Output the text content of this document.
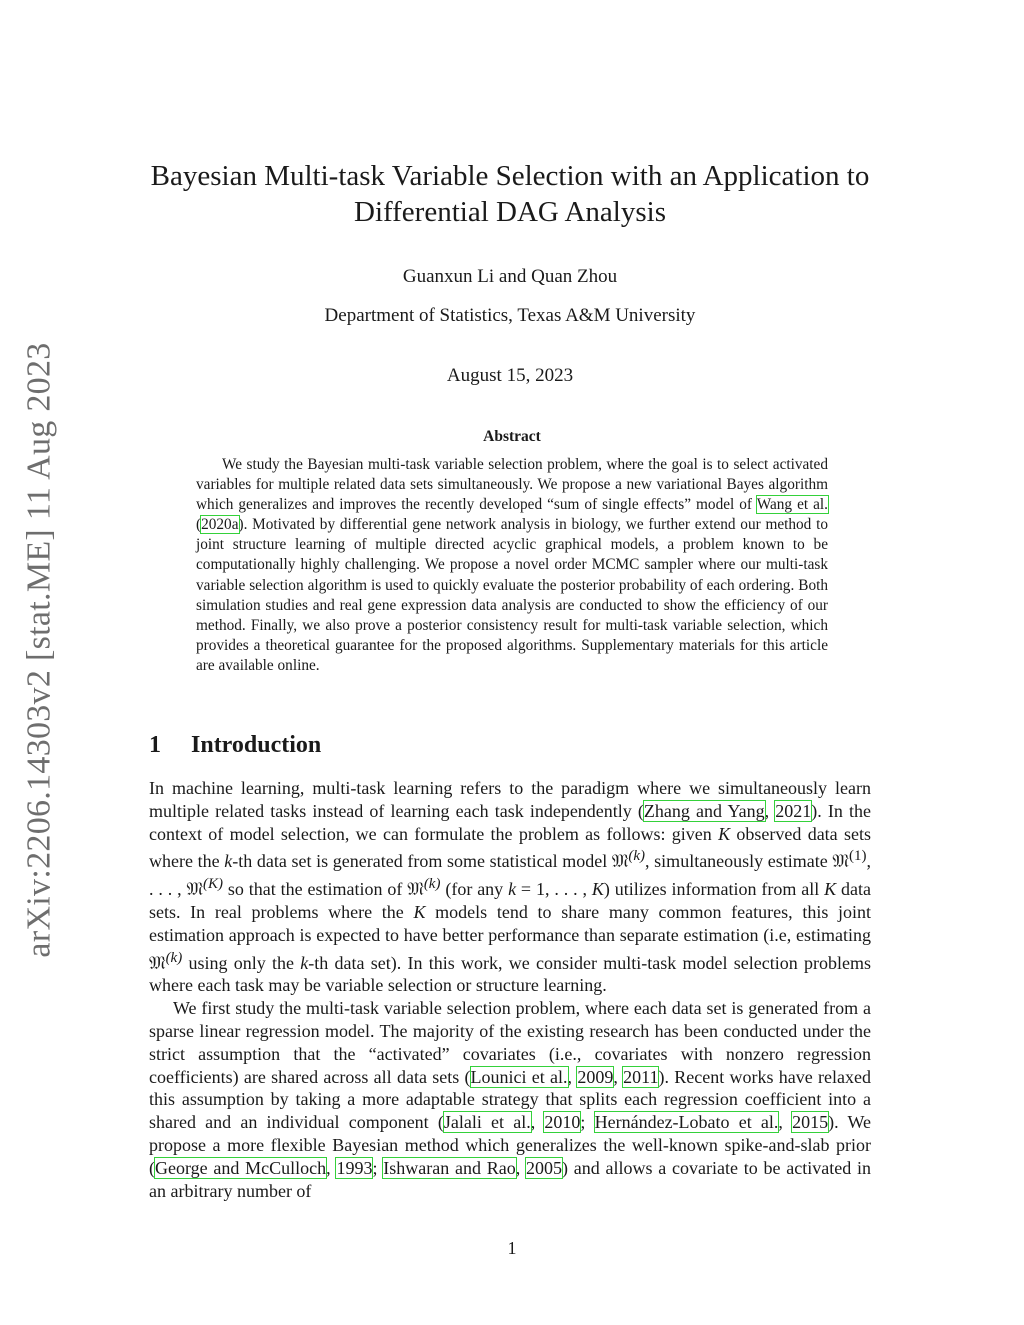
arXiv:2206.14303v2 [stat.ME] 11 Aug 2023
Bayesian Multi-task Variable Selection with an Application to Differential DAG Analysis
Guanxun Li and Quan Zhou
Department of Statistics, Texas A&M University
August 15, 2023
Abstract

We study the Bayesian multi-task variable selection problem, where the goal is to select activated variables for multiple related data sets simultaneously. We propose a new variational Bayes algorithm which generalizes and improves the recently developed “sum of single effects” model of Wang et al. (2020a). Motivated by differential gene network analysis in biology, we further extend our method to joint structure learning of multiple directed acyclic graphical models, a problem known to be computationally highly challenging. We propose a novel order MCMC sampler where our multi-task variable selection algorithm is used to quickly evaluate the posterior probability of each ordering. Both simulation studies and real gene expression data analysis are conducted to show the efficiency of our method. Finally, we also prove a posterior consistency result for multi-task variable selection, which provides a theoretical guarantee for the proposed algorithms. Supplementary materials for this article are available online.

1 Introduction

In machine learning, multi-task learning refers to the paradigm where we simultaneously learn multiple related tasks instead of learning each task independently (Zhang and Yang, 2021). In the context of model selection, we can formulate the problem as follows: given K observed data sets where the k-th data set is generated from some statistical model 𝔐$^{(k)}$, simultaneously estimate 𝔐$^{(1)}$, . . . , 𝔐$^{(K)}$ so that the estimation of 𝔐$^{(k)}$ (for any k = 1, . . . , K) utilizes information from all K data sets. In real problems where the K models tend to share many common features, this joint estimation approach is expected to have better performance than separate estimation (i.e, estimating 𝔐$^{(k)}$ using only the k-th data set). In this work, we consider multi-task model selection problems where each task may be variable selection or structure learning.

We first study the multi-task variable selection problem, where each data set is generated from a sparse linear regression model. The majority of the existing research has been conducted under the strict assumption that the “activated” covariates (i.e., covariates with nonzero regression coefficients) are shared across all data sets (Lounici et al., 2009, 2011). Recent works have relaxed this assumption by taking a more adaptable strategy that splits each regression coefficient into a shared and an individual component (Jalali et al., 2010; Hernández-Lobato et al., 2015). We propose a more flexible Bayesian method which generalizes the well-known spike-and-slab prior (George and McCulloch, 1993; Ishwaran and Rao, 2005) and allows a covariate to be activated in an arbitrary number of

1
